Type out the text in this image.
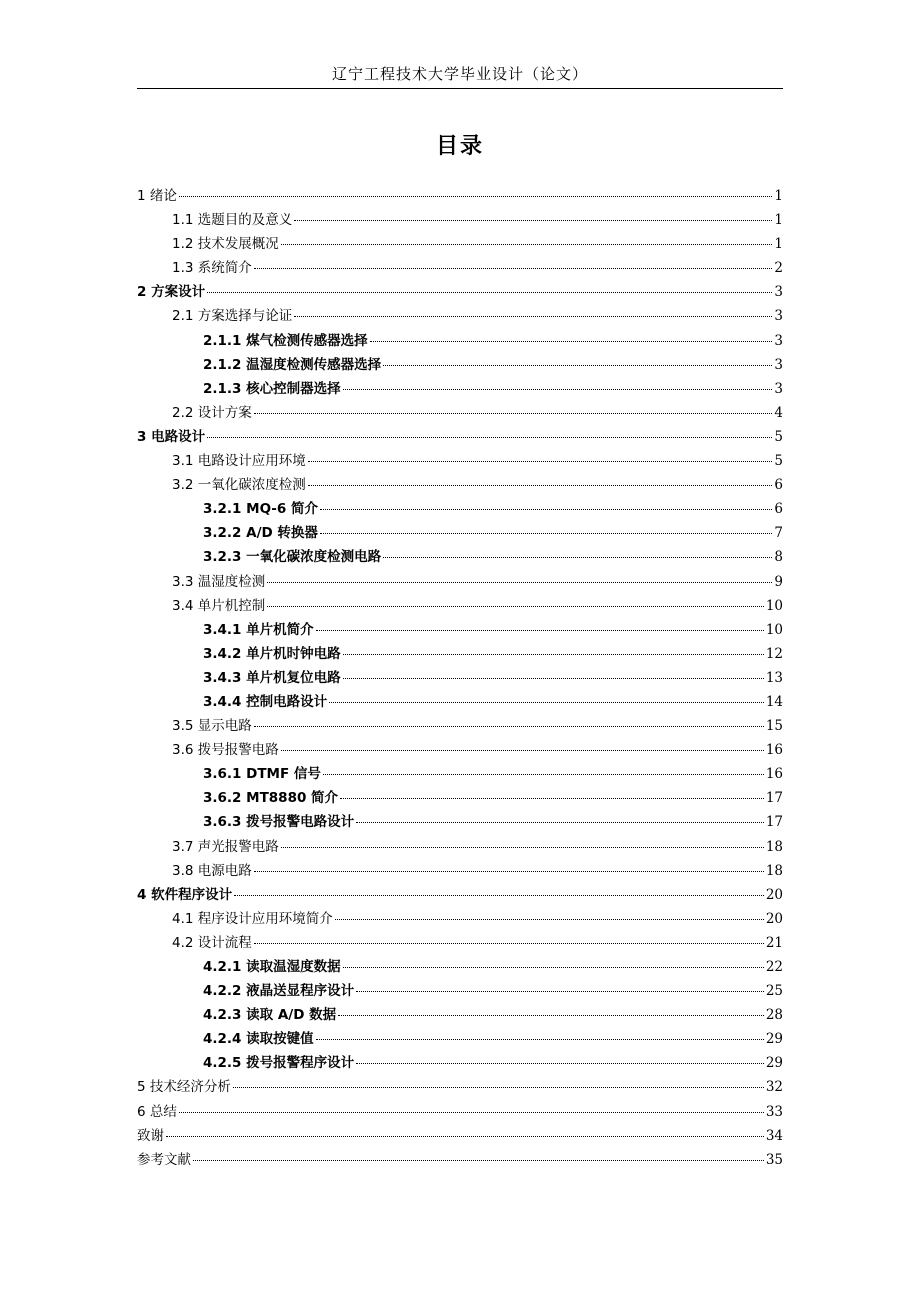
辽宁工程技术大学毕业设计（论文）
目录
1 绪论	1
1.1 选题目的及意义	1
1.2 技术发展概况	1
1.3 系统简介	2
2 方案设计	3
2.1 方案选择与论证	3
2.1.1 煤气检测传感器选择	3
2.1.2 温湿度检测传感器选择	3
2.1.3 核心控制器选择	3
2.2 设计方案	4
3 电路设计	5
3.1 电路设计应用环境	5
3.2 一氧化碳浓度检测	6
3.2.1 MQ-6 简介	6
3.2.2 A/D 转换器	7
3.2.3 一氧化碳浓度检测电路	8
3.3 温湿度检测	9
3.4 单片机控制	10
3.4.1 单片机简介	10
3.4.2 单片机时钟电路	12
3.4.3 单片机复位电路	13
3.4.4 控制电路设计	14
3.5 显示电路	15
3.6 拨号报警电路	16
3.6.1 DTMF 信号	16
3.6.2 MT8880 简介	17
3.6.3 拨号报警电路设计	17
3.7 声光报警电路	18
3.8 电源电路	18
4 软件程序设计	20
4.1 程序设计应用环境简介	20
4.2 设计流程	21
4.2.1 读取温湿度数据	22
4.2.2 液晶送显程序设计	25
4.2.3 读取 A/D 数据	28
4.2.4 读取按键值	29
4.2.5 拨号报警程序设计	29
5 技术经济分析	32
6 总结	33
致谢	34
参考文献	35
